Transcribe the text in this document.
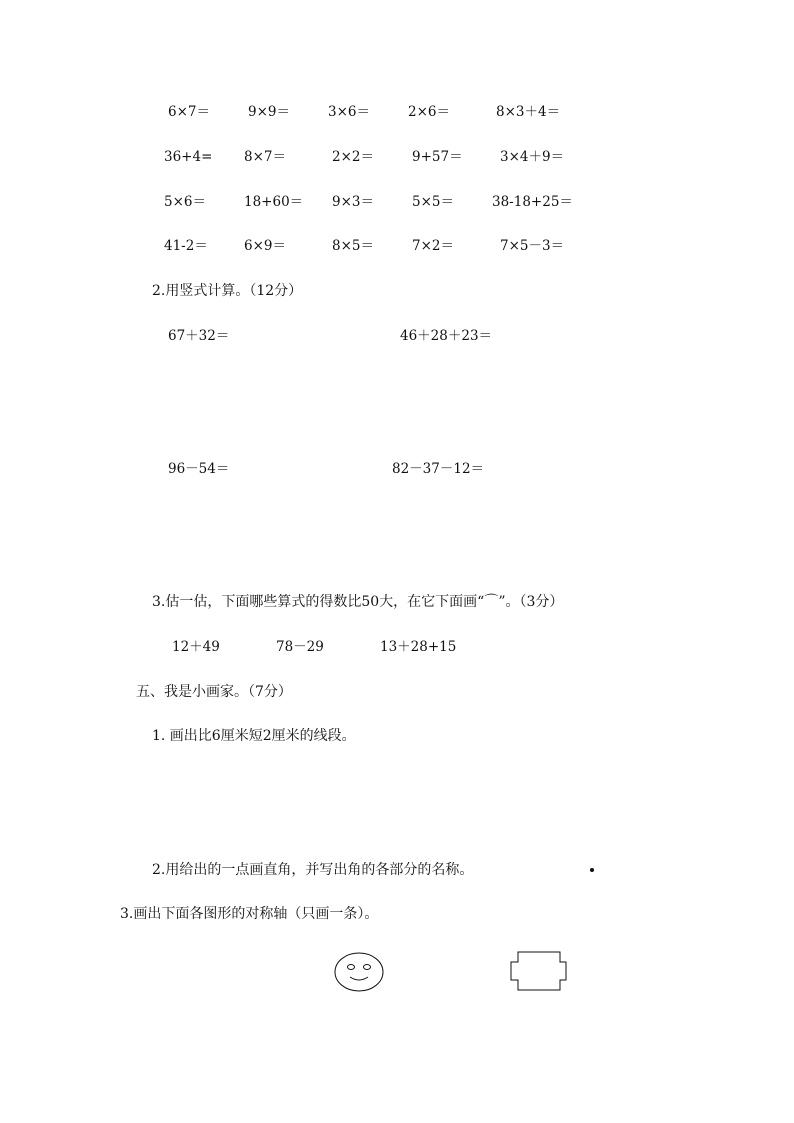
6×7＝	9×9＝	3×6＝	2×6＝	8×3＋4＝
36+4= 8×7＝	2×2＝	9+57＝	3×4＋9＝
5×6＝	18+60＝ 9×3＝	5×5＝	38-18+25＝
41-2＝	6×9＝	8×5＝	7×2＝	7×5－3＝
2.用竖式计算。（12分）
67＋32＝	46＋28＋23＝
96－54＝	82－37－12＝
3.估一估，下面哪些算式的得数比50大，在它下面画“⌒”。（3分）
12＋49	78－29	13＋28+15
五、我是小画家。（7分）
1. 画出比6厘米短2厘米的线段。
2.用给出的一点画直角，并写出角的各部分的名称。
3.画出下面各图形的对称轴（只画一条）。
